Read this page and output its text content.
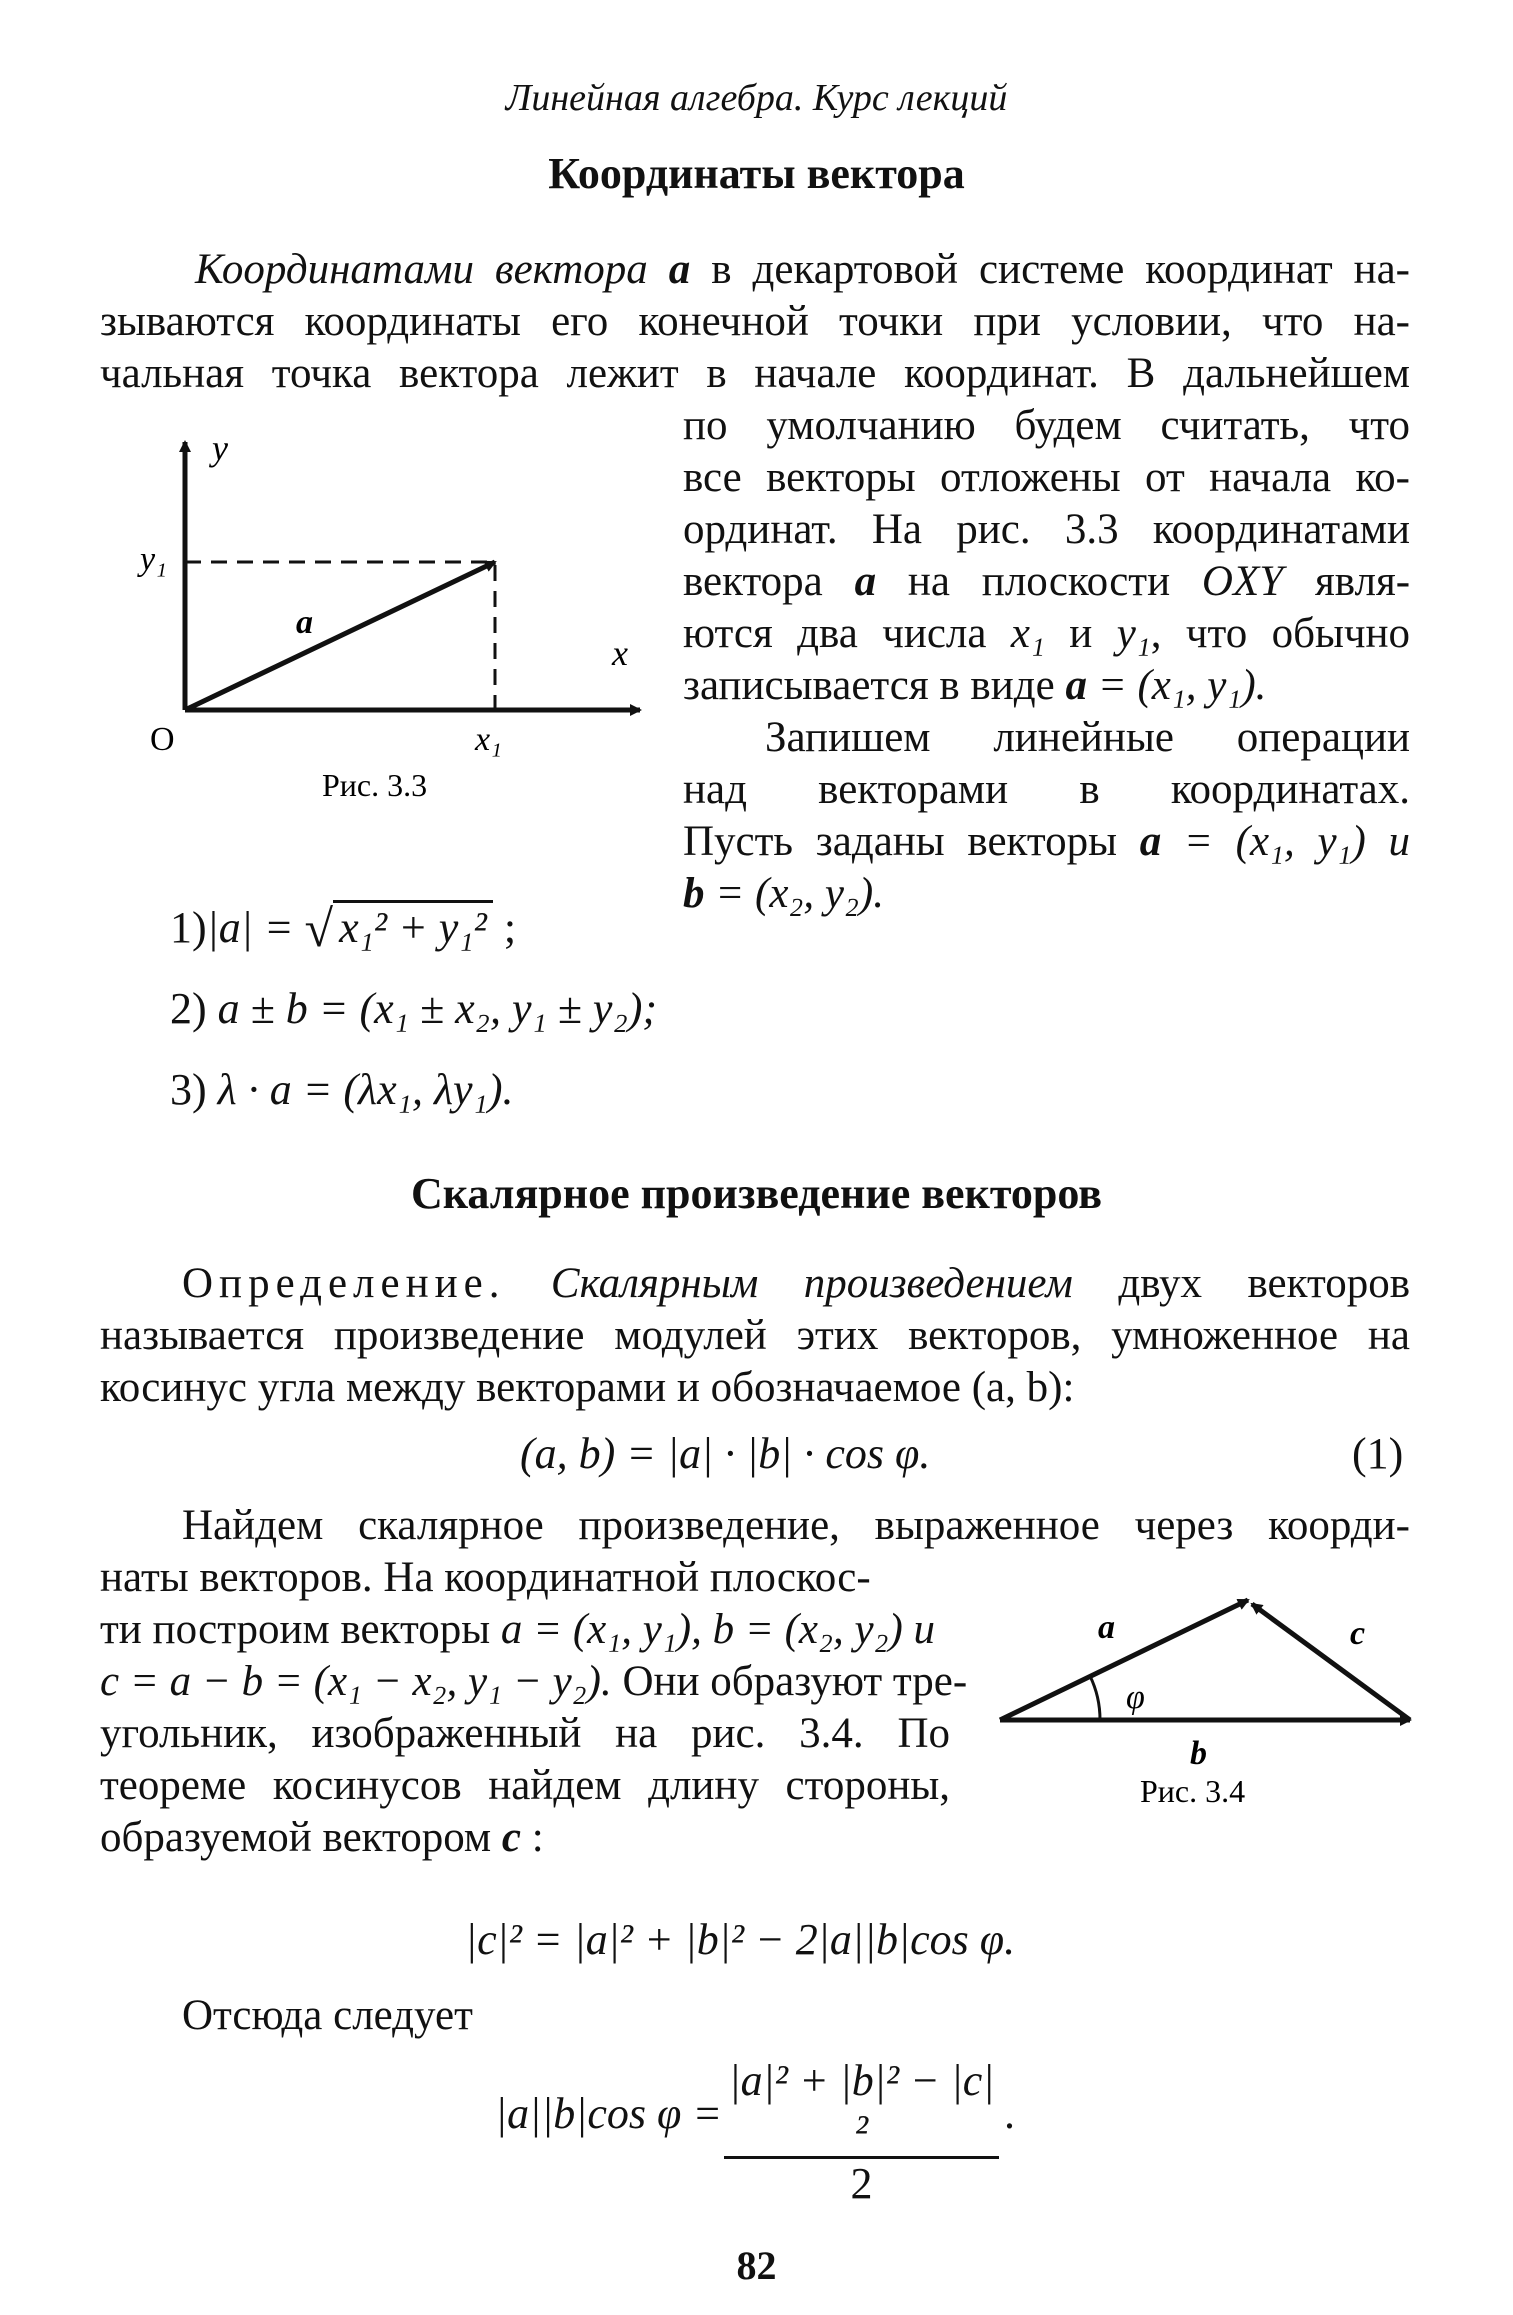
Линейная алгебра. Курс лекций
Координаты вектора
Координатами вектора a в декартовой системе координат на-
зываются координаты его конечной точки при условии, что на-
чальная точка вектора лежит в начале координат. В дальнейшем
по умолчанию будем считать, что
все векторы отложены от начала ко-
ординат. На рис. 3.3 координатами
вектора a на плоскости OXY явля-
ются два числа x₁ и y₁, что обычно
записывается в виде a = (x₁, y₁).
Запишем линейные операции
над векторами в координатах.
Пусть заданы векторы a = (x₁, y₁) и
b = (x₂, y₂).
y
y₁
O	x₁
x
a
Рис. 3.3
1)|a| = √ x₁² + y₁² ;
2) a ± b = (x₁ ± x₂, y₁ ± y₂);
3) λ · a = (λx₁, λy₁).
Скалярное произведение векторов
Определение. Скалярным произведением двух векторов
называется произведение модулей этих векторов, умноженное на
косинус угла между векторами и обозначаемое (a, b):
(a, b) = |a| · |b| · cos φ.	(1)
Найдем скалярное произведение, выраженное через коорди-
наты векторов. На координатной плоскос-
ти построим векторы a = (x₁, y₁), b = (x₂, y₂) и
c = a − b = (x₁ − x₂, y₁ − y₂). Они образуют тре-
угольник, изображенный на рис. 3.4. По
теореме косинусов найдем длину стороны,
образуемой вектором c :
a	c
φ
b
Рис. 3.4
|c|² = |a|² + |b|² − 2|a||b|cos φ.
Отсюда следует
|a||b|cos $\varphi = \frac{\text{|a|² + |b|² − |c|²}}{2}$ .
82
